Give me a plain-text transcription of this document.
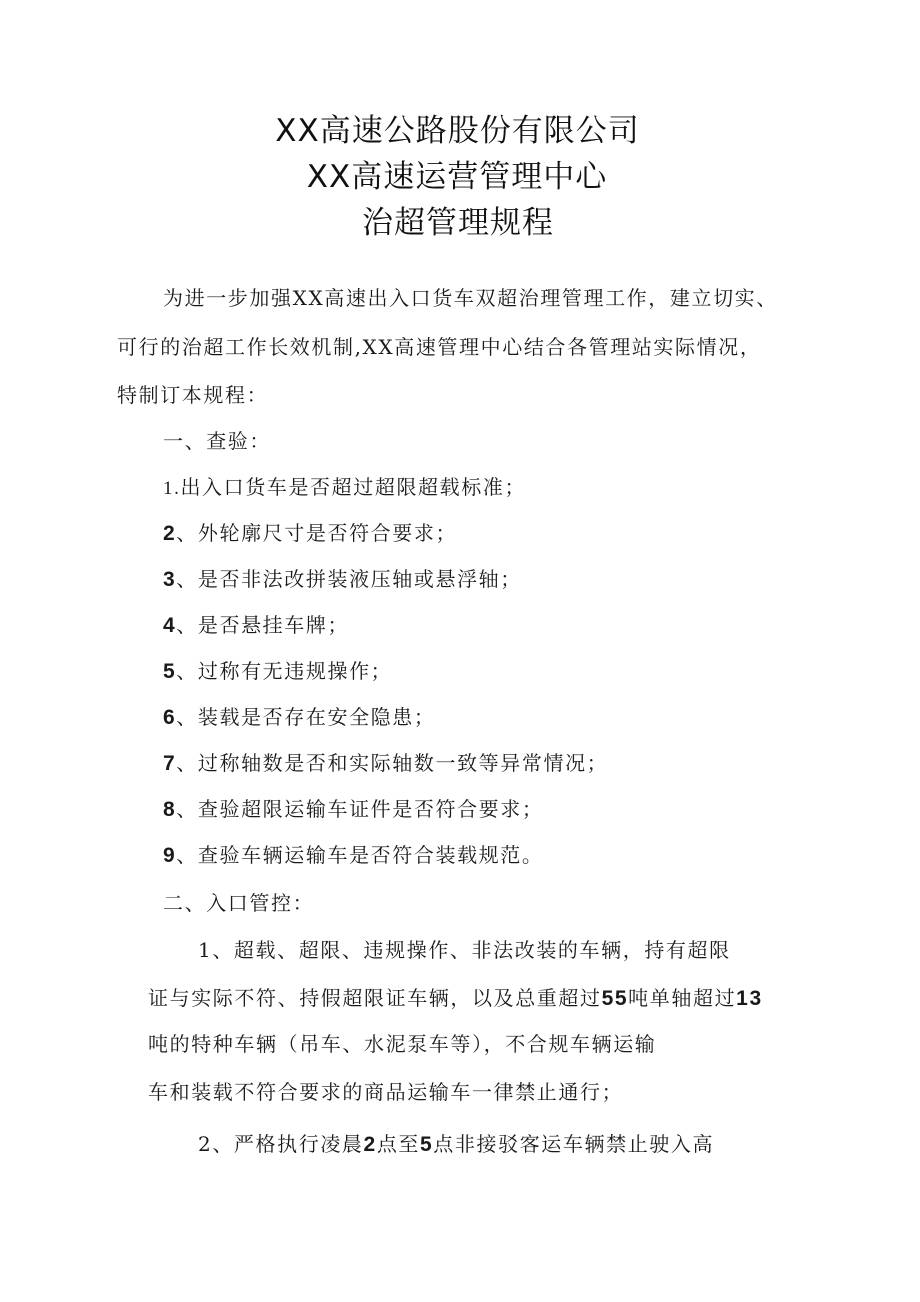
XX高速公路股份有限公司
XX高速运营管理中心
治超管理规程
为进一步加强XX高速出入口货车双超治理管理工作，建立切实、
可行的治超工作长效机制,XX高速管理中心结合各管理站实际情况，
特制订本规程：
一、查验：
1.出入口货车是否超过超限超载标准；
2、外轮廓尺寸是否符合要求；
3、是否非法改拼装液压轴或悬浮轴；
4、是否悬挂车牌；
5、过称有无违规操作；
6、装载是否存在安全隐患；
7、过称轴数是否和实际轴数一致等异常情况；
8、查验超限运输车证件是否符合要求；
9、查验车辆运输车是否符合装载规范。
二、入口管控：
1、超载、超限、违规操作、非法改装的车辆，持有超限
证与实际不符、持假超限证车辆，以及总重超过55吨单轴超过13
吨的特种车辆（吊车、水泥泵车等），不合规车辆运输
车和装载不符合要求的商品运输车一律禁止通行；
2、严格执行凌晨2点至5点非接驳客运车辆禁止驶入高
